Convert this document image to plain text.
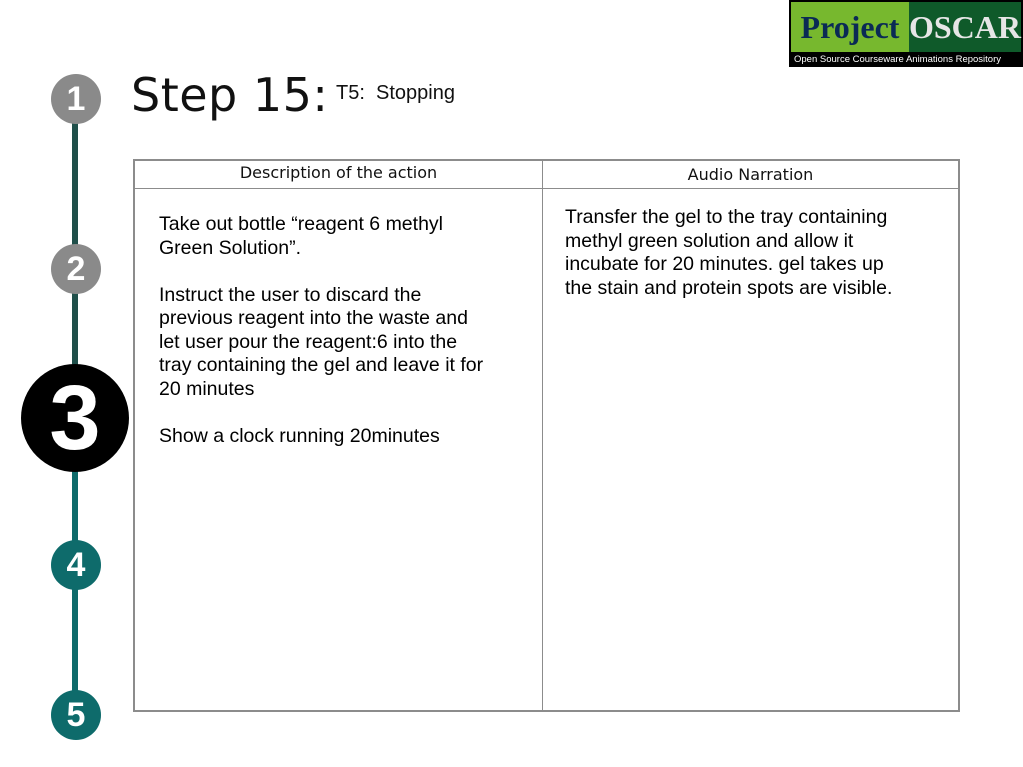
1
2
3
4
5
Step 15: T5:  Stopping
Project OSCAR
Open Source Courseware Animations Repository
Description of the action	Audio Narration

Take out bottle “reagent 6 methyl Green Solution”.

Instruct the user to discard the previous reagent into the waste and let user pour the reagent:6 into the tray containing the gel and leave it for 20 minutes

Show a clock running 20minutes

Transfer the gel to the tray containing methyl green solution and allow it incubate for 20 minutes. gel takes up the stain and protein spots are visible.
